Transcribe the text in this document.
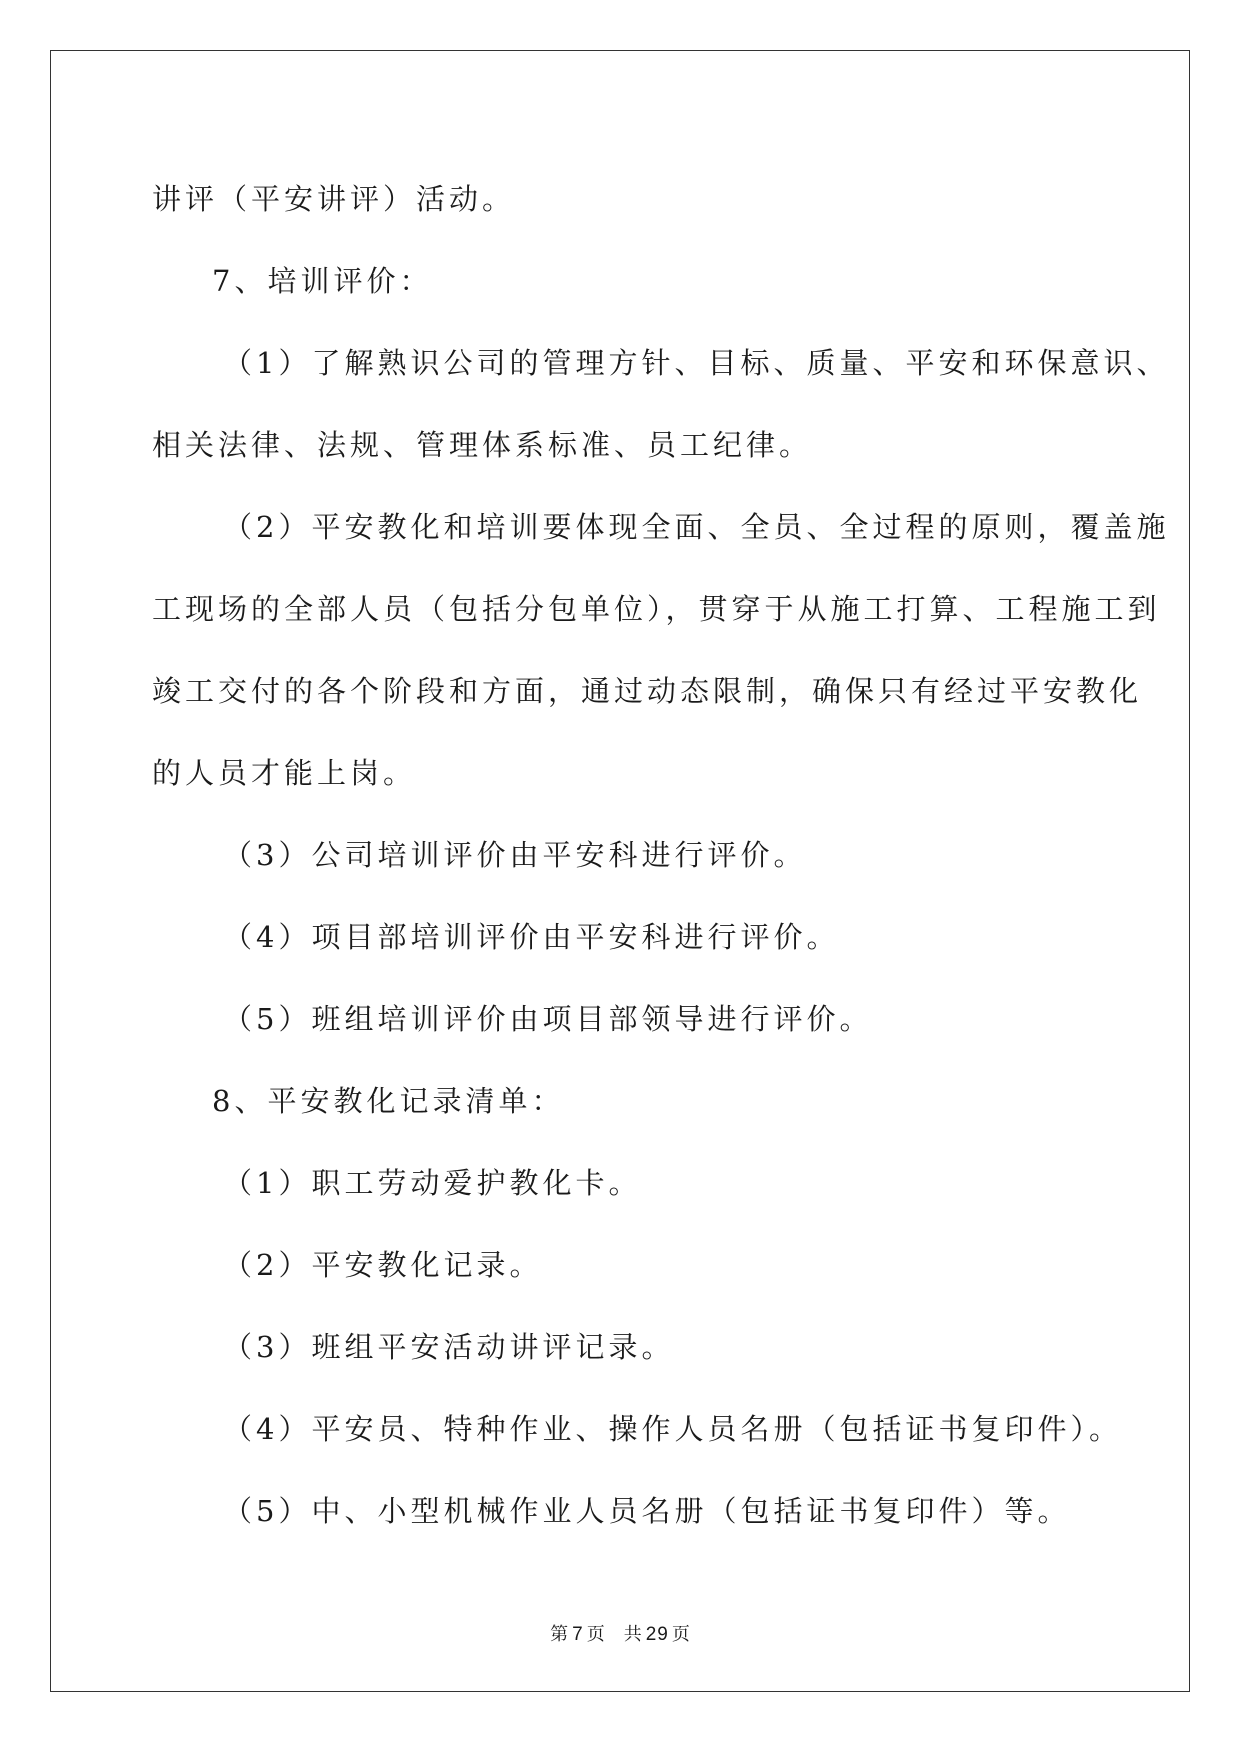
讲评（平安讲评）活动。
7、培训评价：
（1）了解熟识公司的管理方针、目标、质量、平安和环保意识、
相关法律、法规、管理体系标准、员工纪律。
（2）平安教化和培训要体现全面、全员、全过程的原则，覆盖施
工现场的全部人员（包括分包单位），贯穿于从施工打算、工程施工到
竣工交付的各个阶段和方面，通过动态限制，确保只有经过平安教化
的人员才能上岗。
（3）公司培训评价由平安科进行评价。
（4）项目部培训评价由平安科进行评价。
（5）班组培训评价由项目部领导进行评价。
8、平安教化记录清单：
（1）职工劳动爱护教化卡。
（2）平安教化记录。
（3）班组平安活动讲评记录。
（4）平安员、特种作业、操作人员名册（包括证书复印件）。
（5）中、小型机械作业人员名册（包括证书复印件）等。
第 7 页 共 29 页
